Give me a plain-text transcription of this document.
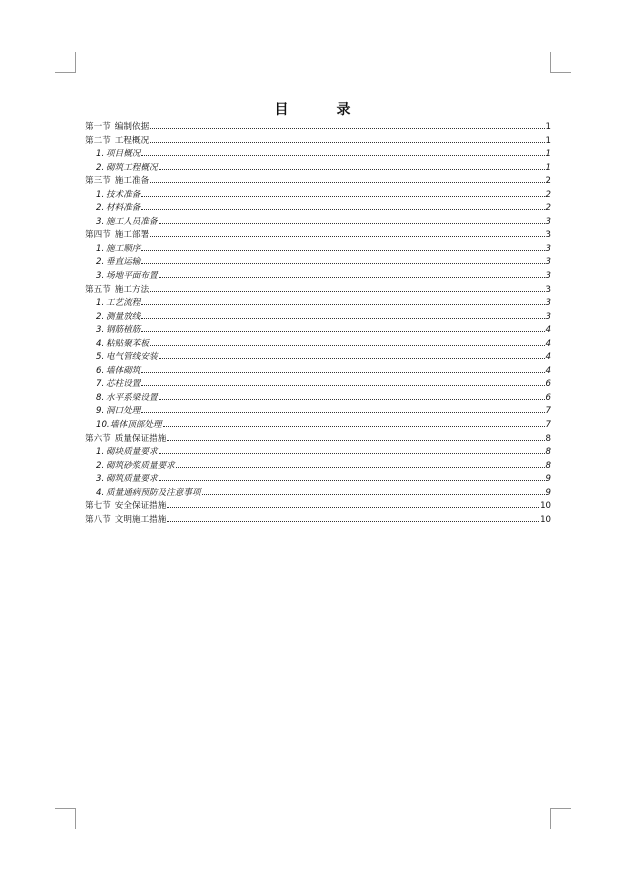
目	录
第一节 编制依据	1
第二节 工程概况	1
1. 项目概况	1
2. 砌筑工程概况	1
第三节 施工准备	2
1. 技术准备	2
2. 材料准备	2
3. 施工人员准备	3
第四节 施工部署	3
1. 施工顺序	3
2. 垂直运输	3
3. 场地平面布置	3
第五节 施工方法	3
1. 工艺流程	3
2. 测量放线	3
3. 钢筋植筋	4
4. 粘贴聚苯板	4
5. 电气管线安装	4
6. 墙体砌筑	4
7. 芯柱设置	6
8. 水平系梁设置	6
9. 洞口处理	7
10.墙体顶部处理	7
第六节 质量保证措施	8
1. 砌块质量要求	8
2. 砌筑砂浆质量要求	8
3. 砌筑质量要求	9
4. 质量通病预防及注意事项	9
第七节 安全保证措施	10
第八节 文明施工措施	10
